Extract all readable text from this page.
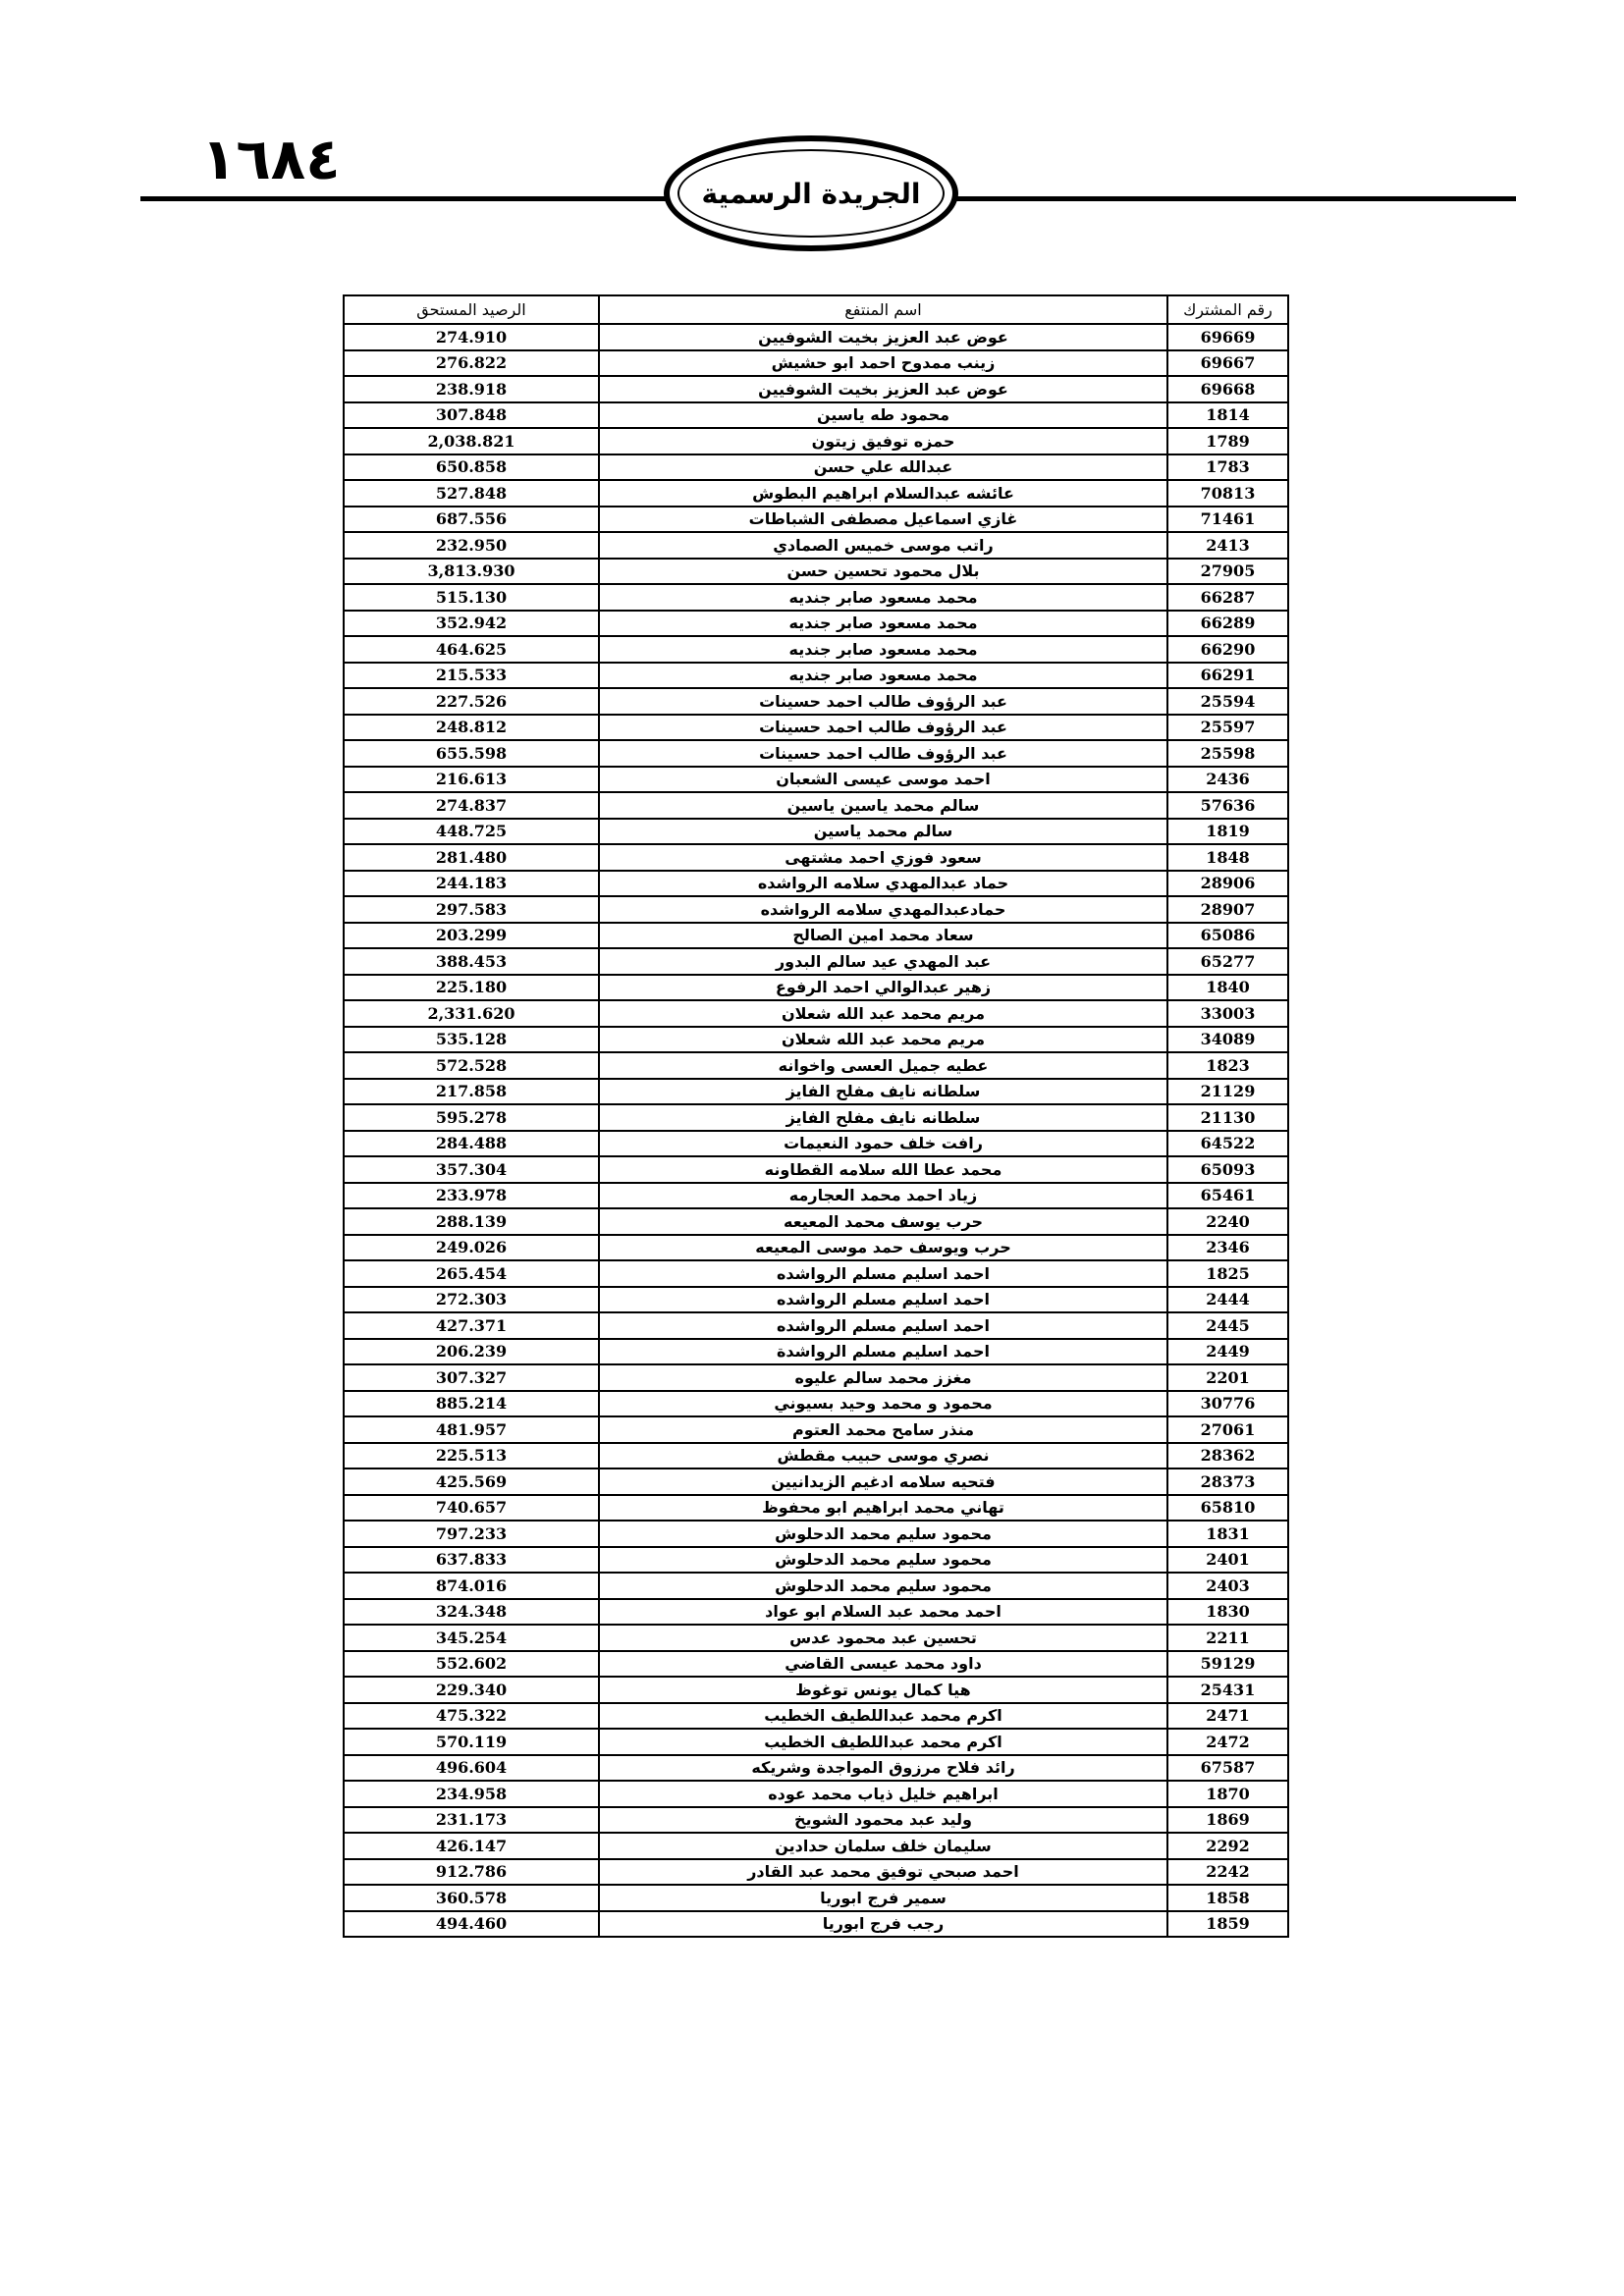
١٦٨٤
الجريدة الرسمية
رقم المشترك	اسم المنتفع	الرصيد المستحق
69669	عوض عبد العزيز بخيت الشوفيين	274.910
69667	زينب ممدوح احمد ابو حشيش	276.822
69668	عوض عبد العزيز بخيت الشوفيين	238.918
1814	محمود طه ياسين	307.848
1789	حمزه توفيق زيتون	2,038.821
1783	عبدالله علي حسن	650.858
70813	عائشه عبدالسلام ابراهيم البطوش	527.848
71461	غازي اسماعيل مصطفى الشباطات	687.556
2413	راتب موسى خميس الصمادي	232.950
27905	بلال محمود تحسين حسن	3,813.930
66287	محمد مسعود صابر جنديه	515.130
66289	محمد مسعود صابر جنديه	352.942
66290	محمد مسعود صابر جنديه	464.625
66291	محمد مسعود صابر جنديه	215.533
25594	عبد الرؤوف طالب احمد حسينات	227.526
25597	عبد الرؤوف طالب احمد حسينات	248.812
25598	عبد الرؤوف طالب احمد حسينات	655.598
2436	احمد موسى عيسى الشعبان	216.613
57636	سالم محمد ياسين ياسين	274.837
1819	سالم محمد ياسين	448.725
1848	سعود فوزي احمد مشتهى	281.480
28906	حماد عبدالمهدي سلامه الرواشده	244.183
28907	حمادعبدالمهدي سلامه الرواشده	297.583
65086	سعاد محمد امين الصالح	203.299
65277	عبد المهدي عيد سالم البدور	388.453
1840	زهير عبدالوالي احمد الرفوع	225.180
33003	مريم محمد عبد الله شعلان	2,331.620
34089	مريم محمد عبد الله شعلان	535.128
1823	عطيه جميل العسى واخوانه	572.528
21129	سلطانه نايف مفلح الفايز	217.858
21130	سلطانه نايف مفلح الفايز	595.278
64522	رافت خلف حمود النعيمات	284.488
65093	محمد عطا الله سلامه القطاونه	357.304
65461	زياد احمد محمد العجارمه	233.978
2240	حرب يوسف محمد المعيعه	288.139
2346	حرب ويوسف حمد موسى المعيعه	249.026
1825	احمد اسليم مسلم الرواشده	265.454
2444	احمد اسليم مسلم الرواشده	272.303
2445	احمد اسليم مسلم الرواشده	427.371
2449	احمد اسليم مسلم الرواشدة	206.239
2201	مغزز محمد سالم عليوه	307.327
30776	محمود و محمد وحيد بسيوني	885.214
27061	منذر سامح محمد العتوم	481.957
28362	نصري موسى حبيب مقطش	225.513
28373	فتحيه سلامه ادغيم الزيدانيين	425.569
65810	تهاني محمد ابراهيم ابو محفوظ	740.657
1831	محمود سليم محمد الدحلوش	797.233
2401	محمود سليم محمد الدحلوش	637.833
2403	محمود سليم محمد الدحلوش	874.016
1830	احمد محمد عبد السلام ابو عواد	324.348
2211	تحسين عبد محمود عدس	345.254
59129	داود محمد عيسى القاضي	552.602
25431	هيا كمال يونس توغوظ	229.340
2471	اكرم محمد عبداللطيف الخطيب	475.322
2472	اكرم محمد عبداللطيف الخطيب	570.119
67587	رائد فلاح مرزوق المواجدة وشريكه	496.604
1870	ابراهيم خليل ذياب محمد عوده	234.958
1869	وليد عبد محمود الشويخ	231.173
2292	سليمان خلف سلمان حدادين	426.147
2242	احمد صبحي توفيق محمد عبد القادر	912.786
1858	سمير فرج ابوريا	360.578
1859	رجب فرج ابوريا	494.460
